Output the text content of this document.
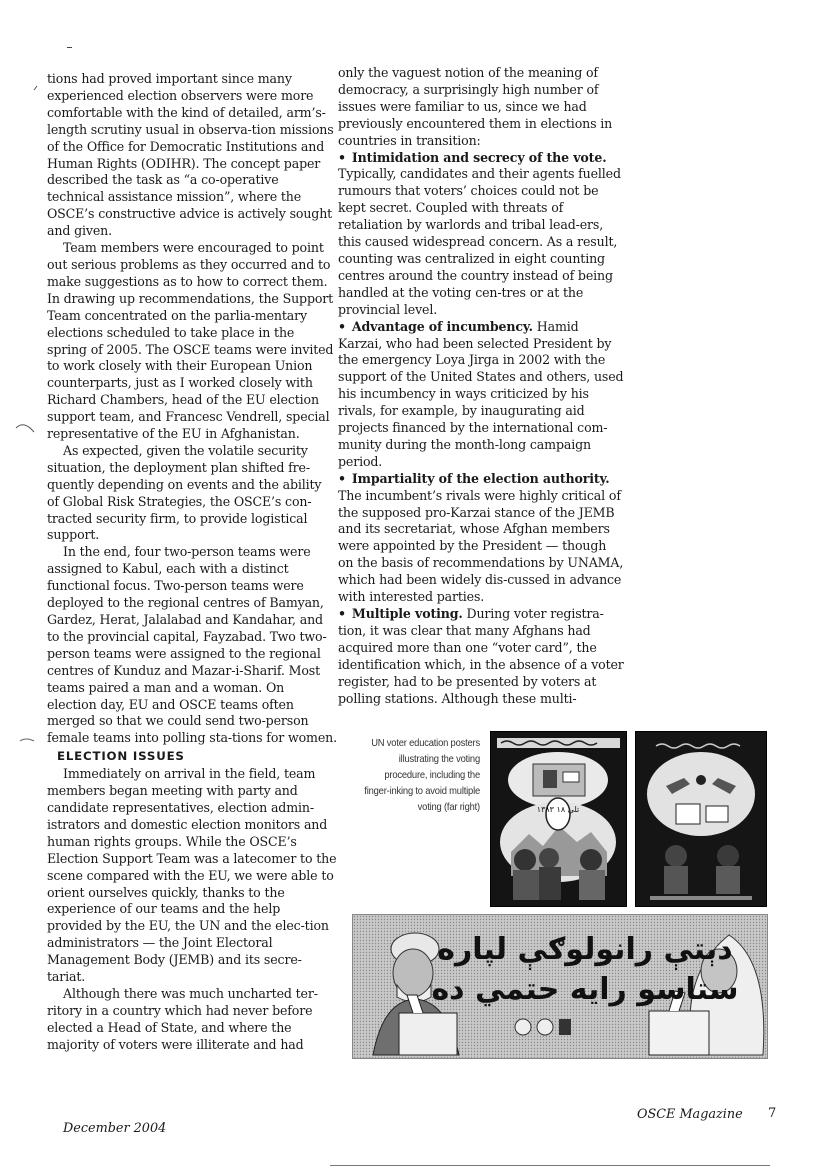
tions had proved important since many experienced election observers were more comfortable with the kind of detailed, arm’s-length scrutiny usual in observa-tion missions of the Office for Democratic Institutions and Human Rights (ODIHR). The concept paper described the task as “a co-operative technical assistance mission”, where the OSCE’s constructive advice is actively sought and given.

Team members were encouraged to point out serious problems as they occurred and to make suggestions as to how to correct them. In drawing up recommendations, the Support Team concentrated on the parlia-mentary elections scheduled to take place in the spring of 2005. The OSCE teams were invited to work closely with their European Union counterparts, just as I worked closely with Richard Chambers, head of the EU election support team, and Francesc Vendrell, special representative of the EU in Afghanistan.

As expected, given the volatile security situation, the deployment plan shifted fre-quently depending on events and the ability of Global Risk Strategies, the OSCE’s con-tracted security firm, to provide logistical support.

In the end, four two-person teams were assigned to Kabul, each with a distinct functional focus. Two-person teams were deployed to the regional centres of Bamyan, Gardez, Herat, Jalalabad and Kandahar, and to the provincial capital, Fayzabad. Two two-person teams were assigned to the regional centres of Kunduz and Mazar-i-Sharif. Most teams paired a man and a woman. On election day, EU and OSCE teams often merged so that we could send two-person female teams into polling sta-tions for women.

ELECTION ISSUES

Immediately on arrival in the field, team members began meeting with party and candidate representatives, election admin-istrators and domestic election monitors and human rights groups. While the OSCE’s Election Support Team was a latecomer to the scene compared with the EU, we were able to orient ourselves quickly, thanks to the experience of our teams and the help provided by the EU, the UN and the elec-tion administrators — the Joint Electoral Management Body (JEMB) and its secre-tariat.

Although there was much uncharted ter-ritory in a country which had never before elected a Head of State, and where the majority of voters were illiterate and had

only the vaguest notion of the meaning of democracy, a surprisingly high number of issues were familiar to us, since we had previously encountered them in elections in countries in transition:

• Intimidation and secrecy of the vote.
Typically, candidates and their agents fuelled rumours that voters’ choices could not be kept secret. Coupled with threats of retaliation by warlords and tribal lead-ers, this caused widespread concern. As a result, counting was centralized in eight counting centres around the country instead of being handled at the voting cen-tres or at the provincial level.

• Advantage of incumbency. Hamid Karzai, who had been selected President by the emergency Loya Jirga in 2002 with the support of the United States and others, used his incumbency in ways criticized by his rivals, for example, by inaugurating aid projects financed by the international com-munity during the month-long campaign period.

• Impartiality of the election authority.
The incumbent’s rivals were highly critical of the supposed pro-Karzai stance of the JEMB and its secretariat, whose Afghan members were appointed by the President — though on the basis of recommendations by UNAMA, which had been widely dis-cussed in advance with interested parties.

• Multiple voting. During voter registra-tion, it was clear that many Afghans had acquired more than one “voter card”, the identification which, in the absence of a voter register, had to be presented by voters at polling stations. Although these multi-

UN voter education posters illustrating the voting procedure, including the finger-inking to avoid multiple voting (far right)	۱۳۸۳ تلې ۱۸
دېتې رانولوګې لپاره
ستاسو رایه حتمي ده
December 2004
OSCE Magazine 7
